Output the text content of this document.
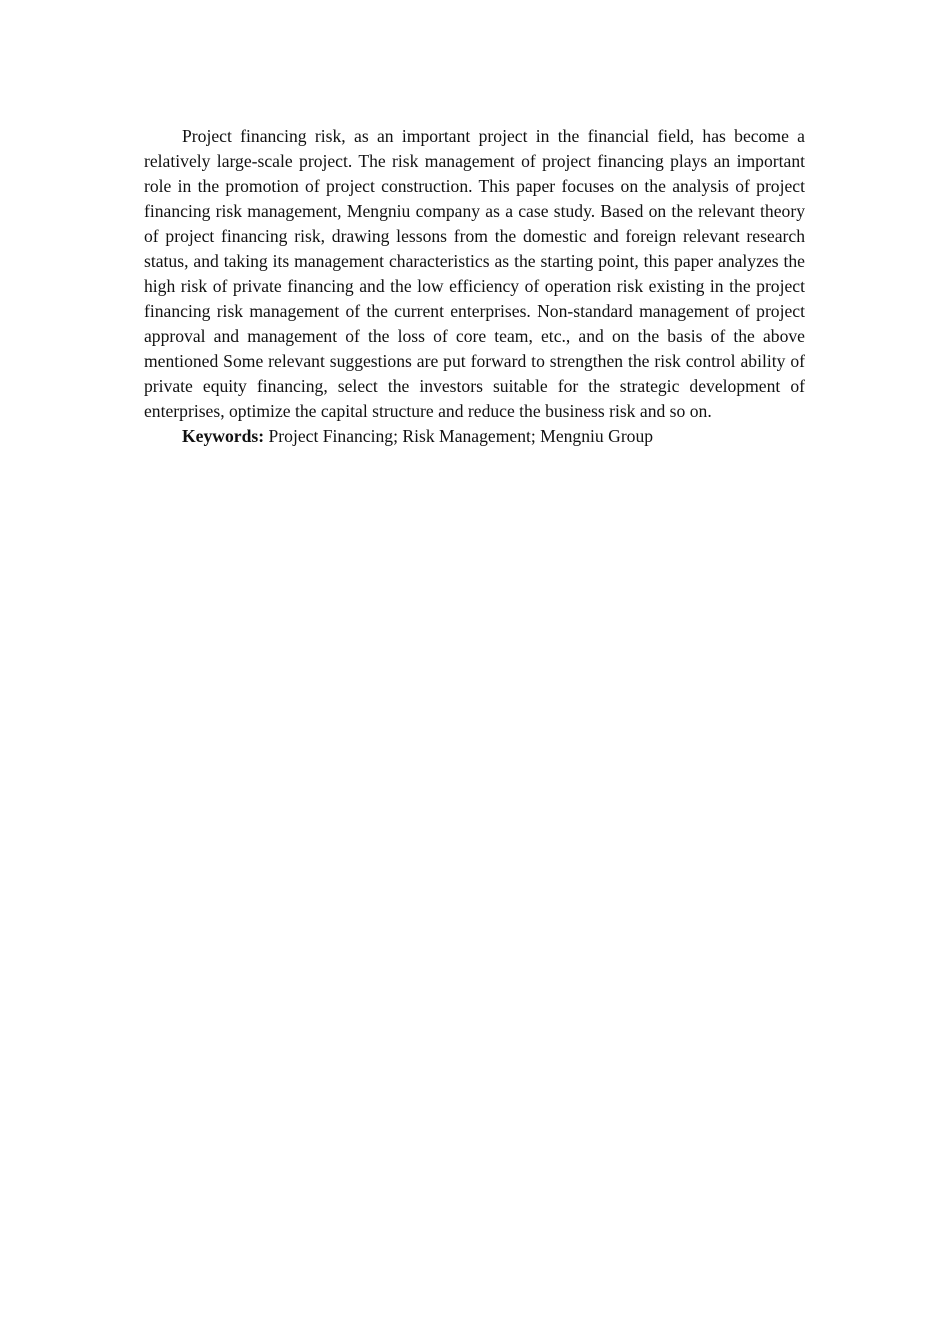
Project financing risk, as an important project in the financial field, has become a relatively large-scale project. The risk management of project financing plays an important role in the promotion of project construction. This paper focuses on the analysis of project financing risk management, Mengniu company as a case study. Based on the relevant theory of project financing risk, drawing lessons from the domestic and foreign relevant research status, and taking its management characteristics as the starting point, this paper analyzes the high risk of private financing and the low efficiency of operation risk existing in the project financing risk management of the current enterprises. Non-standard management of project approval and management of the loss of core team, etc., and on the basis of the above mentioned Some relevant suggestions are put forward to strengthen the risk control ability of private equity financing, select the investors suitable for the strategic development of enterprises, optimize the capital structure and reduce the business risk and so on.

Keywords: Project Financing; Risk Management; Mengniu Group
